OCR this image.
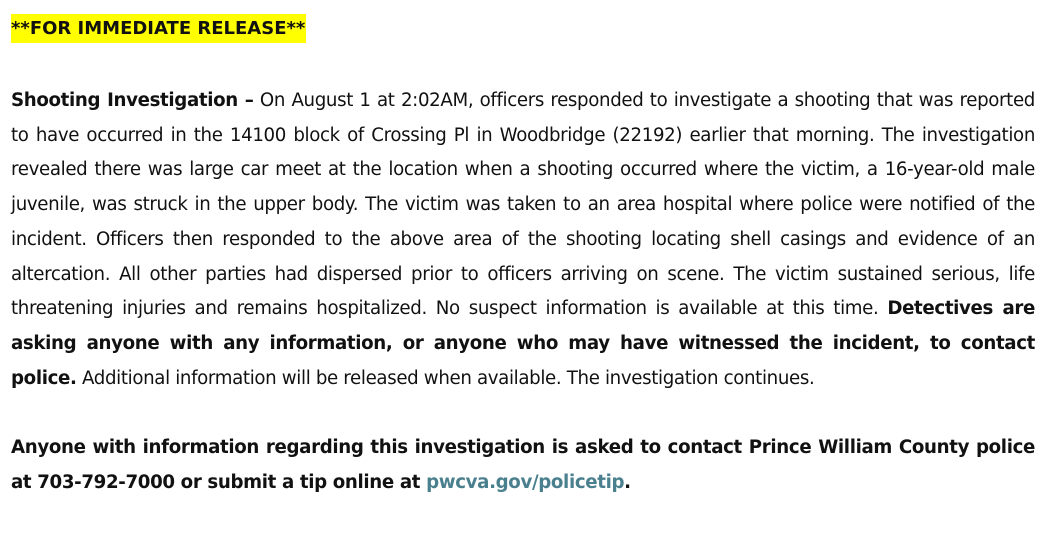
**FOR IMMEDIATE RELEASE**

Shooting Investigation – On August 1 at 2:02AM, officers responded to investigate a shooting that was reported to have occurred in the 14100 block of Crossing Pl in Woodbridge (22192) earlier that morning. The investigation revealed there was large car meet at the location when a shooting occurred where the victim, a 16-year-old male juvenile, was struck in the upper body. The victim was taken to an area hospital where police were notified of the incident. Officers then responded to the above area of the shooting locating shell casings and evidence of an altercation. All other parties had dispersed prior to officers arriving on scene. The victim sustained serious, life threatening injuries and remains hospitalized. No suspect information is available at this time. Detectives are asking anyone with any information, or anyone who may have witnessed the incident, to contact police. Additional information will be released when available. The investigation continues.

Anyone with information regarding this investigation is asked to contact Prince William County police at 703-792-7000 or submit a tip online at pwcva.gov/policetip.
